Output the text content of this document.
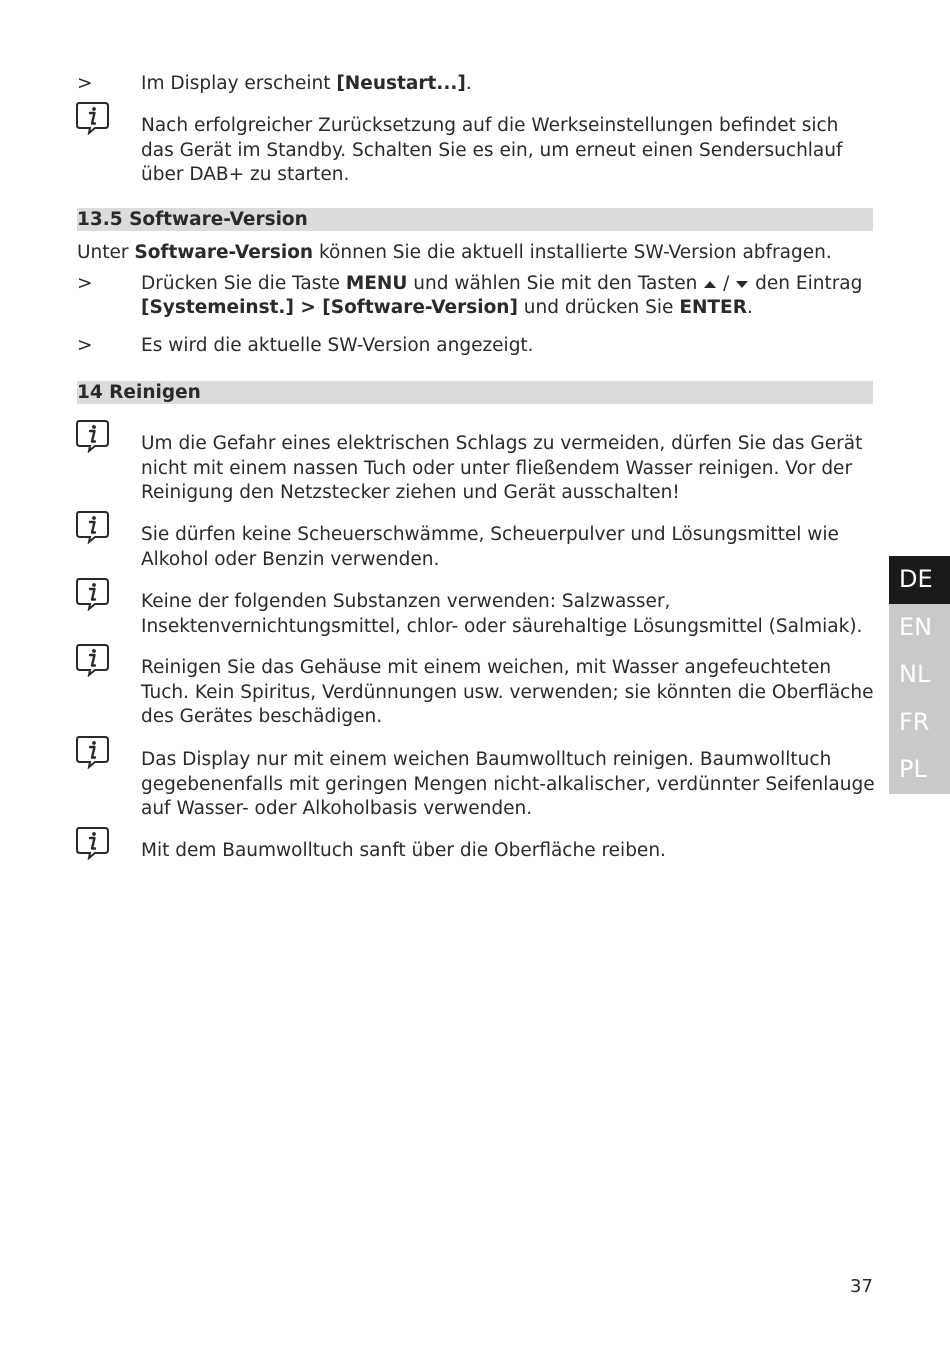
>	Im Display erscheint [Neustart...].
Nach erfolgreicher Zurücksetzung auf die Werkseinstellungen befindet sich
das Gerät im Standby. Schalten Sie es ein, um erneut einen Sendersuchlauf
über DAB+ zu starten.
13.5 Software-Version
Unter Software-Version können Sie die aktuell installierte SW-Version abfragen.
>	Drücken Sie die Taste MENU und wählen Sie mit den Tasten  /  den Eintrag
[Systemeinst.] > [Software-Version] und drücken Sie ENTER.
>	Es wird die aktuelle SW-Version angezeigt.
14 Reinigen
Um die Gefahr eines elektrischen Schlags zu vermeiden, dürfen Sie das Gerät
nicht mit einem nassen Tuch oder unter fließendem Wasser reinigen. Vor der
Reinigung den Netzstecker ziehen und Gerät ausschalten!
Sie dürfen keine Scheuerschwämme, Scheuerpulver und Lösungsmittel wie
Alkohol oder Benzin verwenden.
Keine der folgenden Substanzen verwenden: Salzwasser,
Insektenvernichtungsmittel, chlor- oder säurehaltige Lösungsmittel (Salmiak).
Reinigen Sie das Gehäuse mit einem weichen, mit Wasser angefeuchteten
Tuch. Kein Spiritus, Verdünnungen usw. verwenden; sie könnten die Oberfläche
des Gerätes beschädigen.
Das Display nur mit einem weichen Baumwolltuch reinigen. Baumwolltuch
gegebenenfalls mit geringen Mengen nicht-alkalischer, verdünnter Seifenlauge
auf Wasser- oder Alkoholbasis verwenden.
Mit dem Baumwolltuch sanft über die Oberfläche reiben.
DE
EN
NL
FR
PL
37
